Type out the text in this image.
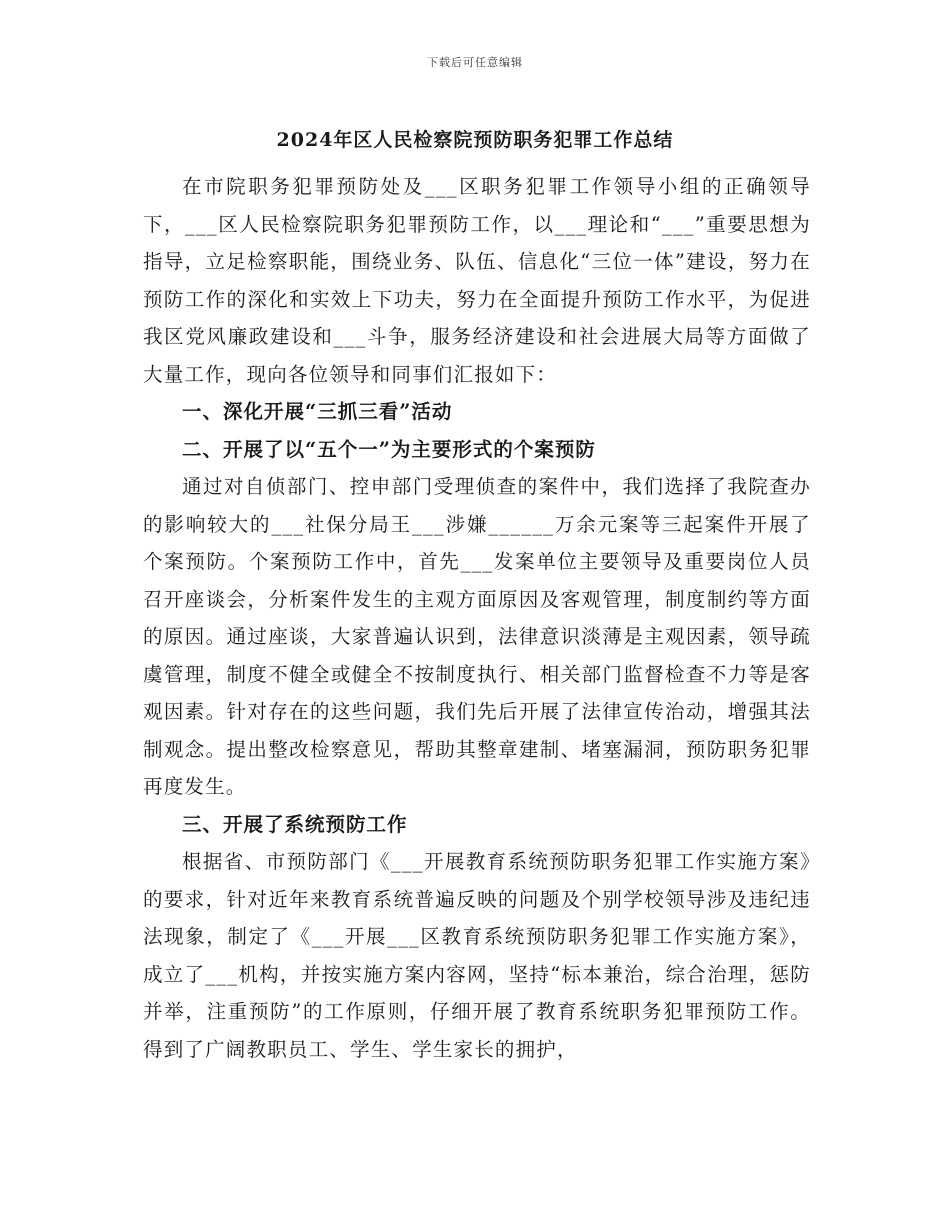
下载后可任意编辑
2024年区人民检察院预防职务犯罪工作总结

在市院职务犯罪预防处及___区职务犯罪工作领导小组的正确领导下，___区人民检察院职务犯罪预防工作，以___理论和“___”重要思想为指导，立足检察职能，围绕业务、队伍、信息化“三位一体”建设，努力在预防工作的深化和实效上下功夫，努力在全面提升预防工作水平，为促进我区党风廉政建设和___斗争，服务经济建设和社会进展大局等方面做了大量工作，现向各位领导和同事们汇报如下：

一、深化开展“三抓三看”活动

二、开展了以“五个一”为主要形式的个案预防

通过对自侦部门、控申部门受理侦查的案件中，我们选择了我院查办的影响较大的___社保分局王___涉嫌______万余元案等三起案件开展了个案预防。个案预防工作中，首先___发案单位主要领导及重要岗位人员召开座谈会，分析案件发生的主观方面原因及客观管理，制度制约等方面的原因。通过座谈，大家普遍认识到，法律意识淡薄是主观因素，领导疏虞管理，制度不健全或健全不按制度执行、相关部门监督检查不力等是客观因素。针对存在的这些问题，我们先后开展了法律宣传治动，增强其法制观念。提出整改检察意见，帮助其整章建制、堵塞漏洞，预防职务犯罪再度发生。

三、开展了系统预防工作

根据省、市预防部门《___开展教育系统预防职务犯罪工作实施方案》的要求，针对近年来教育系统普遍反映的问题及个别学校领导涉及违纪违法现象，制定了《___开展___区教育系统预防职务犯罪工作实施方案》，成立了___机构，并按实施方案内容网，坚持“标本兼治，综合治理，惩防并举，注重预防”的工作原则，仔细开展了教育系统职务犯罪预防工作。得到了广阔教职员工、学生、学生家长的拥护，
